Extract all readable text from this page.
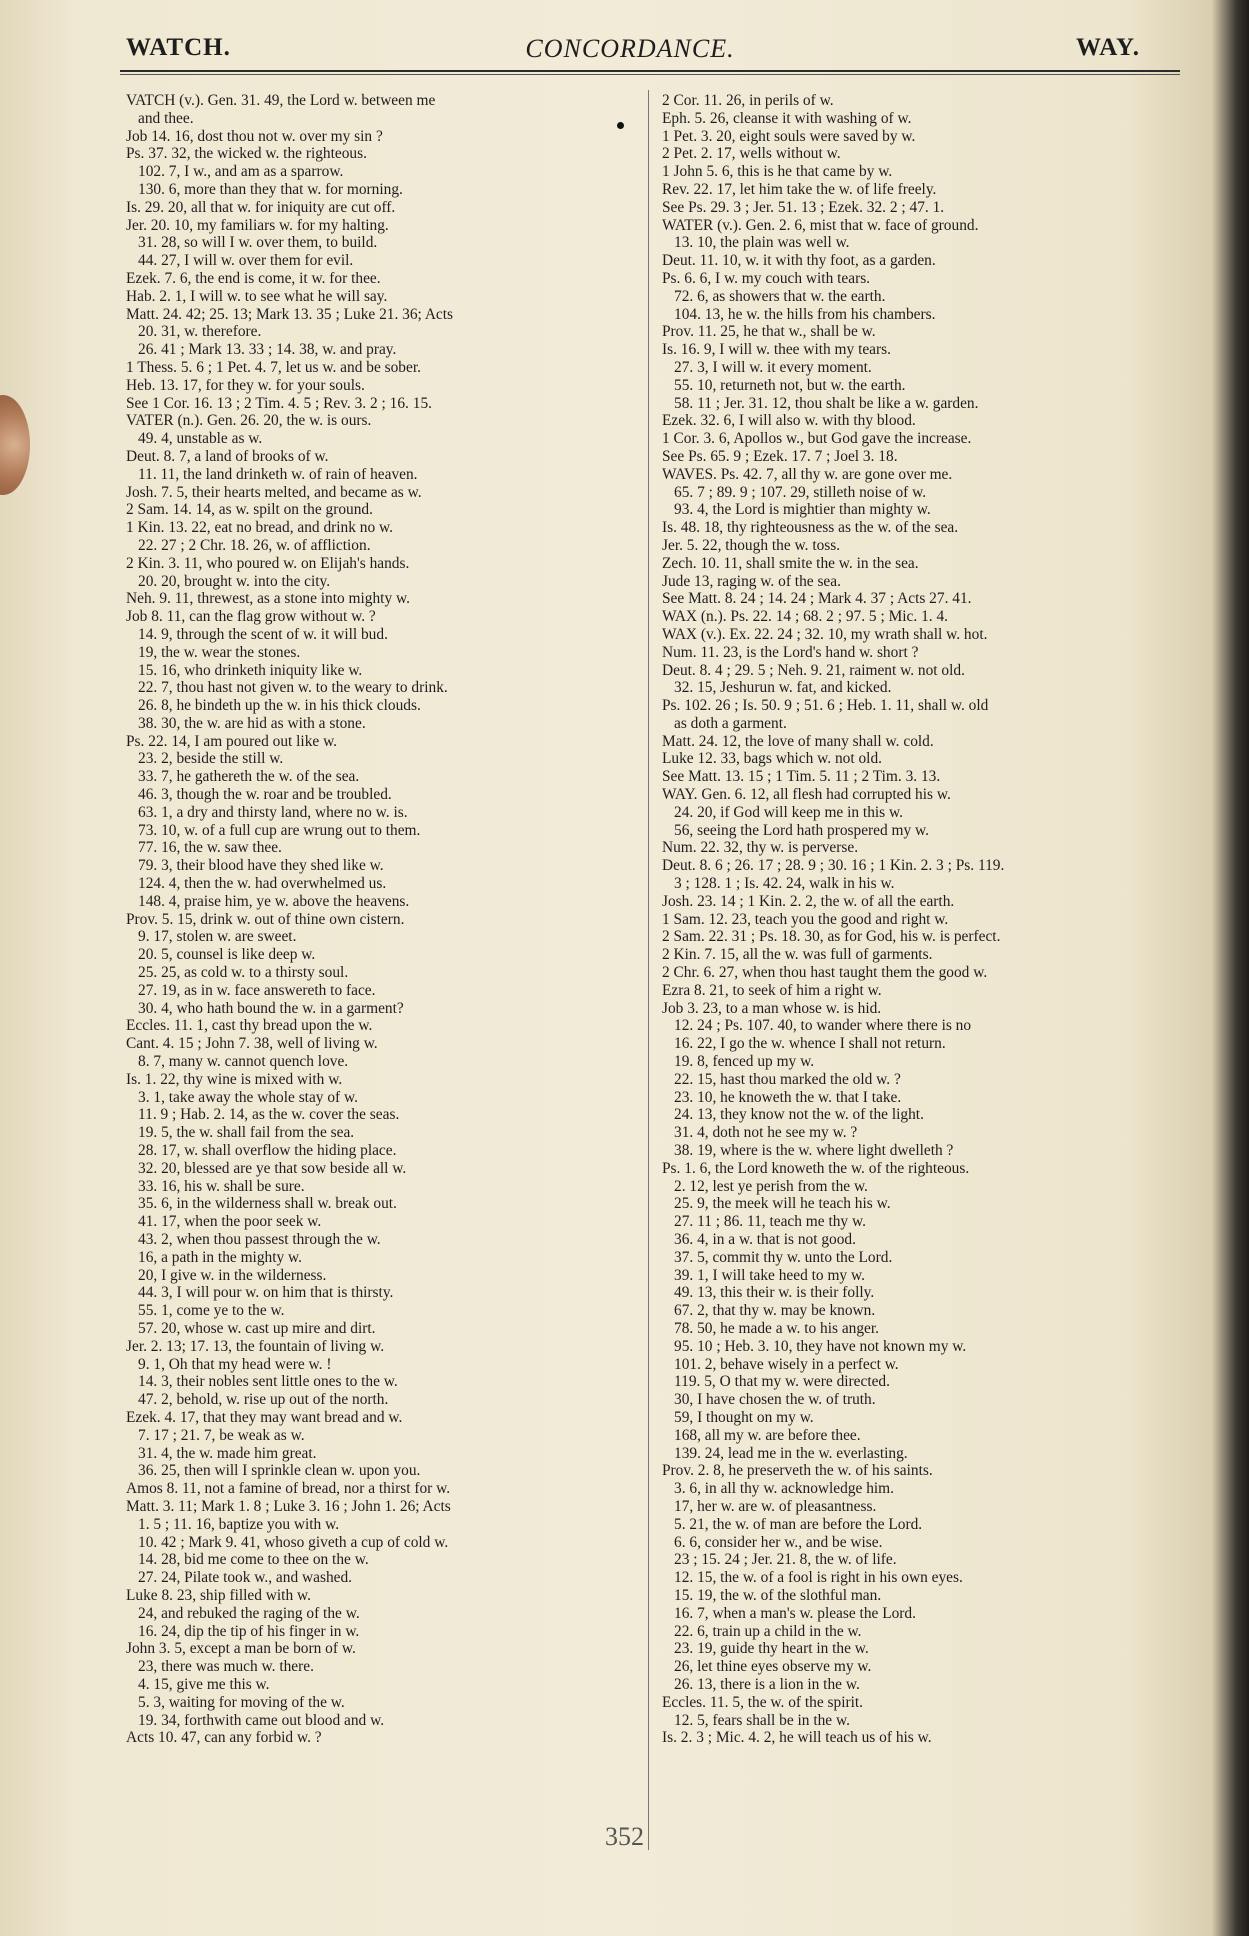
WATCH.	CONCORDANCE.	WAY.
VATCH (v.). Gen. 31. 49, the Lord w. between me
and thee.
Job 14. 16, dost thou not w. over my sin ?
Ps. 37. 32, the wicked w. the righteous.
102. 7, I w., and am as a sparrow.
130. 6, more than they that w. for morning.
Is. 29. 20, all that w. for iniquity are cut off.
Jer. 20. 10, my familiars w. for my halting.
31. 28, so will I w. over them, to build.
44. 27, I will w. over them for evil.
Ezek. 7. 6, the end is come, it w. for thee.
Hab. 2. 1, I will w. to see what he will say.
Matt. 24. 42; 25. 13; Mark 13. 35 ; Luke 21. 36; Acts
20. 31, w. therefore.
26. 41 ; Mark 13. 33 ; 14. 38, w. and pray.
1 Thess. 5. 6 ; 1 Pet. 4. 7, let us w. and be sober.
Heb. 13. 17, for they w. for your souls.
See 1 Cor. 16. 13 ; 2 Tim. 4. 5 ; Rev. 3. 2 ; 16. 15.
VATER (n.). Gen. 26. 20, the w. is ours.
49. 4, unstable as w.
Deut. 8. 7, a land of brooks of w.
11. 11, the land drinketh w. of rain of heaven.
Josh. 7. 5, their hearts melted, and became as w.
2 Sam. 14. 14, as w. spilt on the ground.
1 Kin. 13. 22, eat no bread, and drink no w.
22. 27 ; 2 Chr. 18. 26, w. of affliction.
2 Kin. 3. 11, who poured w. on Elijah's hands.
20. 20, brought w. into the city.
Neh. 9. 11, threwest, as a stone into mighty w.
Job 8. 11, can the flag grow without w. ?
14. 9, through the scent of w. it will bud.
19, the w. wear the stones.
15. 16, who drinketh iniquity like w.
22. 7, thou hast not given w. to the weary to drink.
26. 8, he bindeth up the w. in his thick clouds.
38. 30, the w. are hid as with a stone.
Ps. 22. 14, I am poured out like w.
23. 2, beside the still w.
33. 7, he gathereth the w. of the sea.
46. 3, though the w. roar and be troubled.
63. 1, a dry and thirsty land, where no w. is.
73. 10, w. of a full cup are wrung out to them.
77. 16, the w. saw thee.
79. 3, their blood have they shed like w.
124. 4, then the w. had overwhelmed us.
148. 4, praise him, ye w. above the heavens.
Prov. 5. 15, drink w. out of thine own cistern.
9. 17, stolen w. are sweet.
20. 5, counsel is like deep w.
25. 25, as cold w. to a thirsty soul.
27. 19, as in w. face answereth to face.
30. 4, who hath bound the w. in a garment?
Eccles. 11. 1, cast thy bread upon the w.
Cant. 4. 15 ; John 7. 38, well of living w.
8. 7, many w. cannot quench love.
Is. 1. 22, thy wine is mixed with w.
3. 1, take away the whole stay of w.
11. 9 ; Hab. 2. 14, as the w. cover the seas.
19. 5, the w. shall fail from the sea.
28. 17, w. shall overflow the hiding place.
32. 20, blessed are ye that sow beside all w.
33. 16, his w. shall be sure.
35. 6, in the wilderness shall w. break out.
41. 17, when the poor seek w.
43. 2, when thou passest through the w.
16, a path in the mighty w.
20, I give w. in the wilderness.
44. 3, I will pour w. on him that is thirsty.
55. 1, come ye to the w.
57. 20, whose w. cast up mire and dirt.
Jer. 2. 13; 17. 13, the fountain of living w.
9. 1, Oh that my head were w. !
14. 3, their nobles sent little ones to the w.
47. 2, behold, w. rise up out of the north.
Ezek. 4. 17, that they may want bread and w.
7. 17 ; 21. 7, be weak as w.
31. 4, the w. made him great.
36. 25, then will I sprinkle clean w. upon you.
Amos 8. 11, not a famine of bread, nor a thirst for w.
Matt. 3. 11; Mark 1. 8 ; Luke 3. 16 ; John 1. 26; Acts
1. 5 ; 11. 16, baptize you with w.
10. 42 ; Mark 9. 41, whoso giveth a cup of cold w.
14. 28, bid me come to thee on the w.
27. 24, Pilate took w., and washed.
Luke 8. 23, ship filled with w.
24, and rebuked the raging of the w.
16. 24, dip the tip of his finger in w.
John 3. 5, except a man be born of w.
23, there was much w. there.
4. 15, give me this w.
5. 3, waiting for moving of the w.
19. 34, forthwith came out blood and w.
Acts 10. 47, can any forbid w. ?
2 Cor. 11. 26, in perils of w.
Eph. 5. 26, cleanse it with washing of w.
1 Pet. 3. 20, eight souls were saved by w.
2 Pet. 2. 17, wells without w.
1 John 5. 6, this is he that came by w.
Rev. 22. 17, let him take the w. of life freely.
See Ps. 29. 3 ; Jer. 51. 13 ; Ezek. 32. 2 ; 47. 1.
WATER (v.). Gen. 2. 6, mist that w. face of ground.
13. 10, the plain was well w.
Deut. 11. 10, w. it with thy foot, as a garden.
Ps. 6. 6, I w. my couch with tears.
72. 6, as showers that w. the earth.
104. 13, he w. the hills from his chambers.
Prov. 11. 25, he that w., shall be w.
Is. 16. 9, I will w. thee with my tears.
27. 3, I will w. it every moment.
55. 10, returneth not, but w. the earth.
58. 11 ; Jer. 31. 12, thou shalt be like a w. garden.
Ezek. 32. 6, I will also w. with thy blood.
1 Cor. 3. 6, Apollos w., but God gave the increase.
See Ps. 65. 9 ; Ezek. 17. 7 ; Joel 3. 18.
WAVES. Ps. 42. 7, all thy w. are gone over me.
65. 7 ; 89. 9 ; 107. 29, stilleth noise of w.
93. 4, the Lord is mightier than mighty w.
Is. 48. 18, thy righteousness as the w. of the sea.
Jer. 5. 22, though the w. toss.
Zech. 10. 11, shall smite the w. in the sea.
Jude 13, raging w. of the sea.
See Matt. 8. 24 ; 14. 24 ; Mark 4. 37 ; Acts 27. 41.
WAX (n.). Ps. 22. 14 ; 68. 2 ; 97. 5 ; Mic. 1. 4.
WAX (v.). Ex. 22. 24 ; 32. 10, my wrath shall w. hot.
Num. 11. 23, is the Lord's hand w. short ?
Deut. 8. 4 ; 29. 5 ; Neh. 9. 21, raiment w. not old.
32. 15, Jeshurun w. fat, and kicked.
Ps. 102. 26 ; Is. 50. 9 ; 51. 6 ; Heb. 1. 11, shall w. old
as doth a garment.
Matt. 24. 12, the love of many shall w. cold.
Luke 12. 33, bags which w. not old.
See Matt. 13. 15 ; 1 Tim. 5. 11 ; 2 Tim. 3. 13.
WAY. Gen. 6. 12, all flesh had corrupted his w.
24. 20, if God will keep me in this w.
56, seeing the Lord hath prospered my w.
Num. 22. 32, thy w. is perverse.
Deut. 8. 6 ; 26. 17 ; 28. 9 ; 30. 16 ; 1 Kin. 2. 3 ; Ps. 119.
3 ; 128. 1 ; Is. 42. 24, walk in his w.
Josh. 23. 14 ; 1 Kin. 2. 2, the w. of all the earth.
1 Sam. 12. 23, teach you the good and right w.
2 Sam. 22. 31 ; Ps. 18. 30, as for God, his w. is perfect.
2 Kin. 7. 15, all the w. was full of garments.
2 Chr. 6. 27, when thou hast taught them the good w.
Ezra 8. 21, to seek of him a right w.
Job 3. 23, to a man whose w. is hid.
12. 24 ; Ps. 107. 40, to wander where there is no
16. 22, I go the w. whence I shall not return.
19. 8, fenced up my w.
22. 15, hast thou marked the old w. ?
23. 10, he knoweth the w. that I take.
24. 13, they know not the w. of the light.
31. 4, doth not he see my w. ?
38. 19, where is the w. where light dwelleth ?
Ps. 1. 6, the Lord knoweth the w. of the righteous.
2. 12, lest ye perish from the w.
25. 9, the meek will he teach his w.
27. 11 ; 86. 11, teach me thy w.
36. 4, in a w. that is not good.
37. 5, commit thy w. unto the Lord.
39. 1, I will take heed to my w.
49. 13, this their w. is their folly.
67. 2, that thy w. may be known.
78. 50, he made a w. to his anger.
95. 10 ; Heb. 3. 10, they have not known my w.
101. 2, behave wisely in a perfect w.
119. 5, O that my w. were directed.
30, I have chosen the w. of truth.
59, I thought on my w.
168, all my w. are before thee.
139. 24, lead me in the w. everlasting.
Prov. 2. 8, he preserveth the w. of his saints.
3. 6, in all thy w. acknowledge him.
17, her w. are w. of pleasantness.
5. 21, the w. of man are before the Lord.
6. 6, consider her w., and be wise.
23 ; 15. 24 ; Jer. 21. 8, the w. of life.
12. 15, the w. of a fool is right in his own eyes.
15. 19, the w. of the slothful man.
16. 7, when a man's w. please the Lord.
22. 6, train up a child in the w.
23. 19, guide thy heart in the w.
26, let thine eyes observe my w.
26. 13, there is a lion in the w.
Eccles. 11. 5, the w. of the spirit.
12. 5, fears shall be in the w.
Is. 2. 3 ; Mic. 4. 2, he will teach us of his w.
352
